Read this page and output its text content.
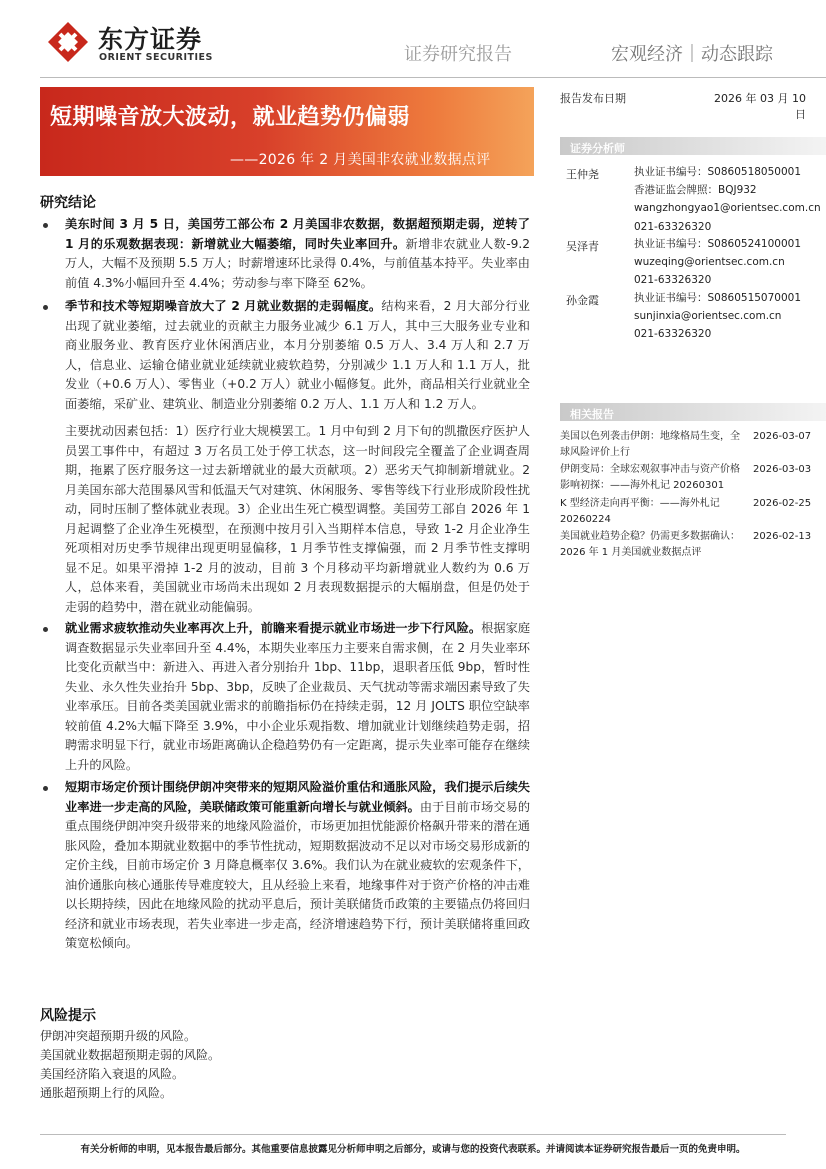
东方证券
ORIENT SECURITIES	证券研究报告	宏观经济｜动态跟踪
短期噪音放大波动，就业趋势仍偏弱
——2026 年 2 月美国非农就业数据点评
报告发布日期	2026 年 03 月 10 日
证券分析师
王仲尧	执业证书编号：S0860518050001
香港证监会牌照：BQJ932
wangzhongyao1@orientsec.com.cn
021-63326320
吴泽青	执业证书编号：S0860524100001
wuzeqing@orientsec.com.cn
021-63326320
孙金霞	执业证书编号：S0860515070001
sunjinxia@orientsec.com.cn
021-63326320
相关报告
美国以色列袭击伊朗：地缘格局生变，全球风险评价上行
2026-03-07
伊朗变局：全球宏观叙事冲击与资产价格影响初探：——海外札记 20260301
2026-03-03
K 型经济走向再平衡：——海外札记 20260224
2026-02-25
美国就业趋势企稳？仍需更多数据确认：2026 年 1 月美国就业数据点评
2026-02-13
研究结论
美东时间 3 月 5 日，美国劳工部公布 2 月美国非农数据，数据超预期走弱，逆转了 1 月的乐观数据表现：新增就业大幅萎缩，同时失业率回升。新增非农就业人数-9.2 万人，大幅不及预期 5.5 万人；时薪增速环比录得 0.4%，与前值基本持平。失业率由前值 4.3%小幅回升至 4.4%；劳动参与率下降至 62%。
季节和技术等短期噪音放大了 2 月就业数据的走弱幅度。结构来看，2 月大部分行业出现了就业萎缩，过去就业的贡献主力服务业减少 6.1 万人，其中三大服务业专业和商业服务业、教育医疗业休闲酒店业，本月分别萎缩 0.5 万人、3.4 万人和 2.7 万人，信息业、运输仓储业就业延续就业疲软趋势，分别减少 1.1 万人和 1.1 万人，批发业（+0.6 万人）、零售业（+0.2 万人）就业小幅修复。此外，商品相关行业就业全面萎缩，采矿业、建筑业、制造业分别萎缩 0.2 万人、1.1 万人和 1.2 万人。
主要扰动因素包括：1）医疗行业大规模罢工。1 月中旬到 2 月下旬的凯撒医疗医护人员罢工事件中，有超过 3 万名员工处于停工状态，这一时间段完全覆盖了企业调查周期，拖累了医疗服务这一过去新增就业的最大贡献项。2）恶劣天气抑制新增就业。2 月美国东部大范围暴风雪和低温天气对建筑、休闲服务、零售等线下行业形成阶段性扰动，同时压制了整体就业表现。3）企业出生死亡模型调整。美国劳工部自 2026 年 1 月起调整了企业净生死模型，在预测中按月引入当期样本信息，导致 1-2 月企业净生死项相对历史季节规律出现更明显偏移，1 月季节性支撑偏强，而 2 月季节性支撑明显不足。如果平滑掉 1-2 月的波动，目前 3 个月移动平均新增就业人数约为 0.6 万人，总体来看，美国就业市场尚未出现如 2 月表现数据提示的大幅崩盘，但是仍处于走弱的趋势中，潜在就业动能偏弱。
就业需求疲软推动失业率再次上升，前瞻来看提示就业市场进一步下行风险。根据家庭调查数据显示失业率回升至 4.4%，本期失业率压力主要来自需求侧，在 2 月失业率环比变化贡献当中：新进入、再进入者分别抬升 1bp、11bp，退职者压低 9bp，暂时性失业、永久性失业抬升 5bp、3bp，反映了企业裁员、天气扰动等需求端因素导致了失业率承压。目前各类美国就业需求的前瞻指标仍在持续走弱，12 月 JOLTS 职位空缺率较前值 4.2%大幅下降至 3.9%，中小企业乐观指数、增加就业计划继续趋势走弱，招聘需求明显下行，就业市场距离确认企稳趋势仍有一定距离，提示失业率可能存在继续上升的风险。
短期市场定价预计围绕伊朗冲突带来的短期风险溢价重估和通胀风险，我们提示后续失业率进一步走高的风险，美联储政策可能重新向增长与就业倾斜。由于目前市场交易的重点围绕伊朗冲突升级带来的地缘风险溢价，市场更加担忧能源价格飙升带来的潜在通胀风险，叠加本期就业数据中的季节性扰动，短期数据波动不足以对市场交易形成新的定价主线，目前市场定价 3 月降息概率仅 3.6%。我们认为在就业疲软的宏观条件下，油价通胀向核心通胀传导难度较大，且从经验上来看，地缘事件对于资产价格的冲击难以长期持续，因此在地缘风险的扰动平息后，预计美联储货币政策的主要锚点仍将回归经济和就业市场表现，若失业率进一步走高，经济增速趋势下行，预计美联储将重回政策宽松倾向。
风险提示
伊朗冲突超预期升级的风险。
美国就业数据超预期走弱的风险。
美国经济陷入衰退的风险。
通胀超预期上行的风险。
有关分析师的申明，见本报告最后部分。其他重要信息披露见分析师申明之后部分，或请与您的投资代表联系。并请阅读本证券研究报告最后一页的免责申明。
